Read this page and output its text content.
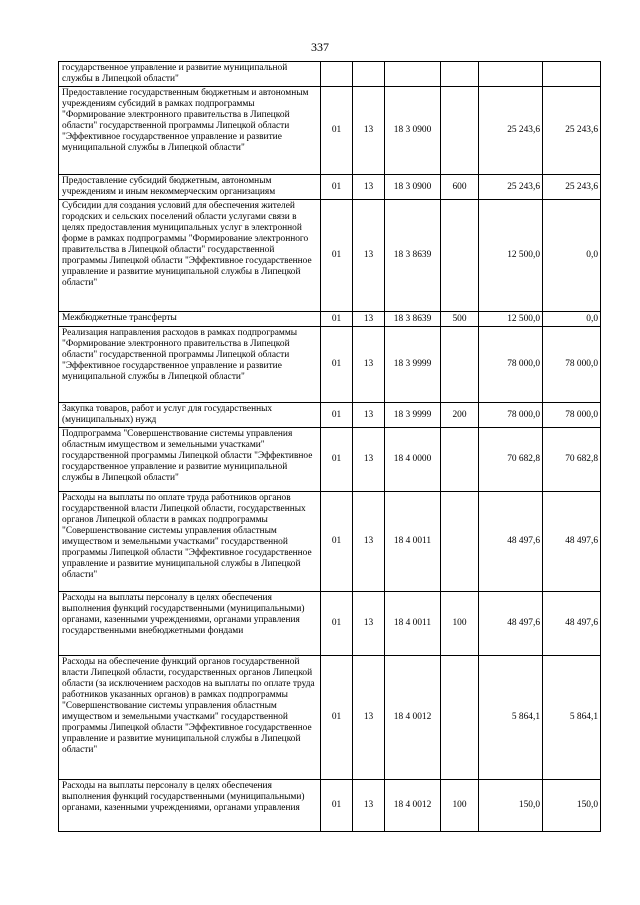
337
государственное управление и развитие муниципальной службы в Липецкой области"						
Предоставление государственным бюджетным и автономным учреждениям субсидий в рамках подпрограммы "Формирование электронного правительства в Липецкой области" государственной программы Липецкой области "Эффективное государственное управление и развитие муниципальной службы в Липецкой области"	01	13	18 3 0900		25 243,6	25 243,6
Предоставление субсидий бюджетным, автономным учреждениям и иным некоммерческим организациям	01	13	18 3 0900	600	25 243,6	25 243,6
Субсидии для создания условий для обеспечения жителей городских и сельских поселений области услугами связи в целях предоставления муниципальных услуг в электронной форме в рамках подпрограммы "Формирование электронного правительства в Липецкой области" государственной программы Липецкой области "Эффективное государственное управление и развитие муниципальной службы в Липецкой области"	01	13	18 3 8639		12 500,0	0,0
Межбюджетные трансферты	01	13	18 3 8639	500	12 500,0	0,0
Реализация направления расходов в рамках подпрограммы "Формирование электронного правительства в Липецкой области" государственной программы Липецкой области "Эффективное государственное управление и развитие муниципальной службы в Липецкой области"	01	13	18 3 9999		78 000,0	78 000,0
Закупка товаров, работ и услуг для государственных (муниципальных) нужд	01	13	18 3 9999	200	78 000,0	78 000,0
Подпрограмма "Совершенствование системы управления областным имуществом и земельными участками" государственной программы Липецкой области "Эффективное государственное управление и развитие муниципальной службы в Липецкой области"	01	13	18 4 0000		70 682,8	70 682,8
Расходы на выплаты по оплате труда работников органов государственной власти Липецкой области, государственных органов Липецкой области в рамках подпрограммы "Совершенствование системы управления областным имуществом и земельными участками" государственной программы Липецкой области "Эффективное государственное управление и развитие муниципальной службы в Липецкой области"	01	13	18 4 0011		48 497,6	48 497,6
Расходы на выплаты персоналу в целях обеспечения выполнения функций государственными (муниципальными) органами, казенными учреждениями, органами управления государственными внебюджетными фондами	01	13	18 4 0011	100	48 497,6	48 497,6
Расходы на обеспечение функций органов государственной власти Липецкой области, государственных органов Липецкой области (за исключением расходов на выплаты по оплате труда работников указанных органов) в рамках подпрограммы "Совершенствование системы управления областным имуществом и земельными участками" государственной программы Липецкой области "Эффективное государственное управление и развитие муниципальной службы в Липецкой области"	01	13	18 4 0012		5 864,1	5 864,1
Расходы на выплаты персоналу в целях обеспечения выполнения функций государственными (муниципальными) органами, казенными учреждениями, органами управления	01	13	18 4 0012	100	150,0	150,0
